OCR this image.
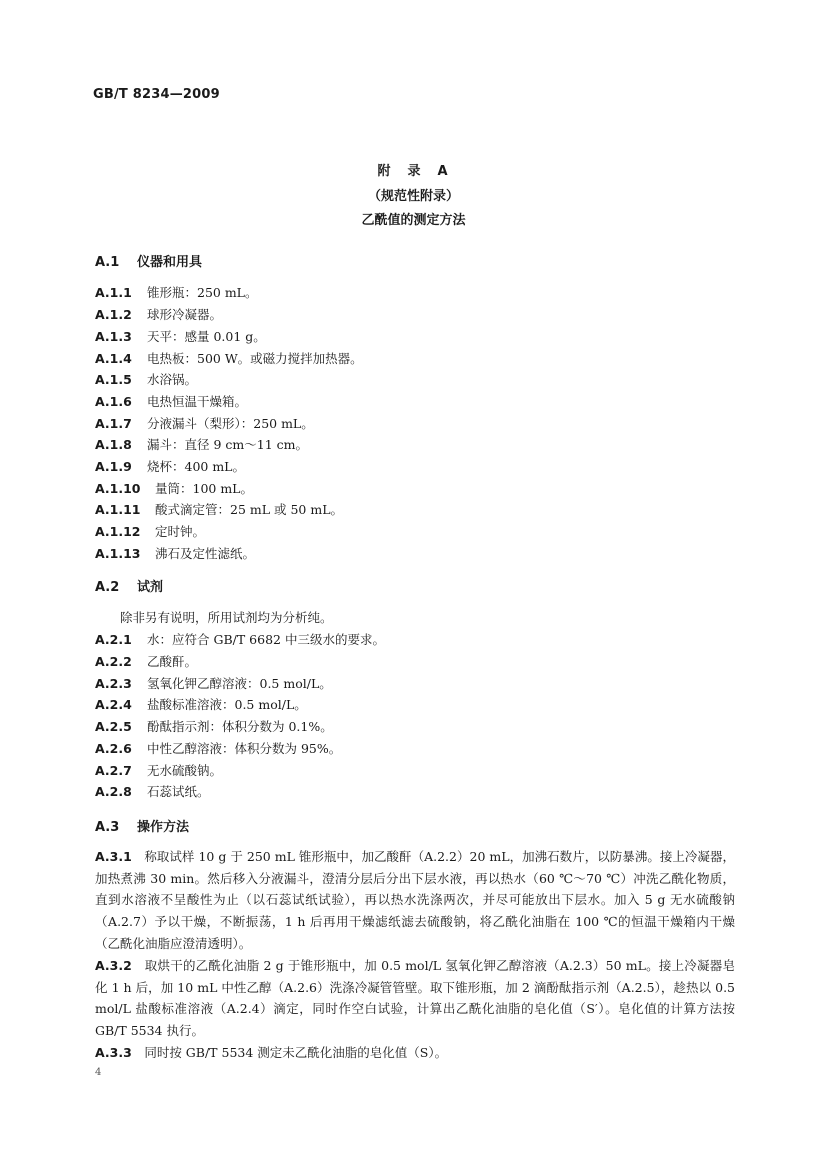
GB/T 8234—2009
附　录　A
（规范性附录）
乙酰值的测定方法
A.1 仪器和用具
A.1.1 锥形瓶：250 mL。
A.1.2 球形冷凝器。
A.1.3 天平：感量 0.01 g。
A.1.4 电热板：500 W。或磁力搅拌加热器。
A.1.5 水浴锅。
A.1.6 电热恒温干燥箱。
A.1.7 分液漏斗（梨形）：250 mL。
A.1.8 漏斗：直径 9 cm～11 cm。
A.1.9 烧杯：400 mL。
A.1.10 量筒：100 mL。
A.1.11 酸式滴定管：25 mL 或 50 mL。
A.1.12 定时钟。
A.1.13 沸石及定性滤纸。
A.2 试剂
除非另有说明，所用试剂均为分析纯。
A.2.1 水：应符合 GB/T 6682 中三级水的要求。
A.2.2 乙酸酐。
A.2.3 氢氧化钾乙醇溶液：0.5 mol/L。
A.2.4 盐酸标准溶液：0.5 mol/L。
A.2.5 酚酞指示剂：体积分数为 0.1%。
A.2.6 中性乙醇溶液：体积分数为 95%。
A.2.7 无水硫酸钠。
A.2.8 石蕊试纸。
A.3 操作方法
A.3.1　 称取试样 10 g 于 250 mL 锥形瓶中，加乙酸酐（A.2.2）20 mL，加沸石数片，以防暴沸。接上冷凝器，加热煮沸 30 min。然后移入分液漏斗，澄清分层后分出下层水液，再以热水（60 ℃～70 ℃）冲洗乙酰化物质，直到水溶液不呈酸性为止（以石蕊试纸试验），再以热水洗涤两次，并尽可能放出下层水。加入 5 g 无水硫酸钠（A.2.7）予以干燥，不断振荡，1 h 后再用干燥滤纸滤去硫酸钠，将乙酰化油脂在 100 ℃的恒温干燥箱内干燥（乙酰化油脂应澄清透明）。
A.3.2　 取烘干的乙酰化油脂 2 g 于锥形瓶中，加 0.5 mol/L 氢氧化钾乙醇溶液（A.2.3）50 mL。接上冷凝器皂化 1 h 后，加 10 mL 中性乙醇（A.2.6）洗涤冷凝管管壁。取下锥形瓶，加 2 滴酚酞指示剂（A.2.5），趁热以 0.5 mol/L 盐酸标准溶液（A.2.4）滴定，同时作空白试验，计算出乙酰化油脂的皂化值（S′）。皂化值的计算方法按 GB/T 5534 执行。
A.3.3　 同时按 GB/T 5534 测定未乙酰化油脂的皂化值（S）。
4
